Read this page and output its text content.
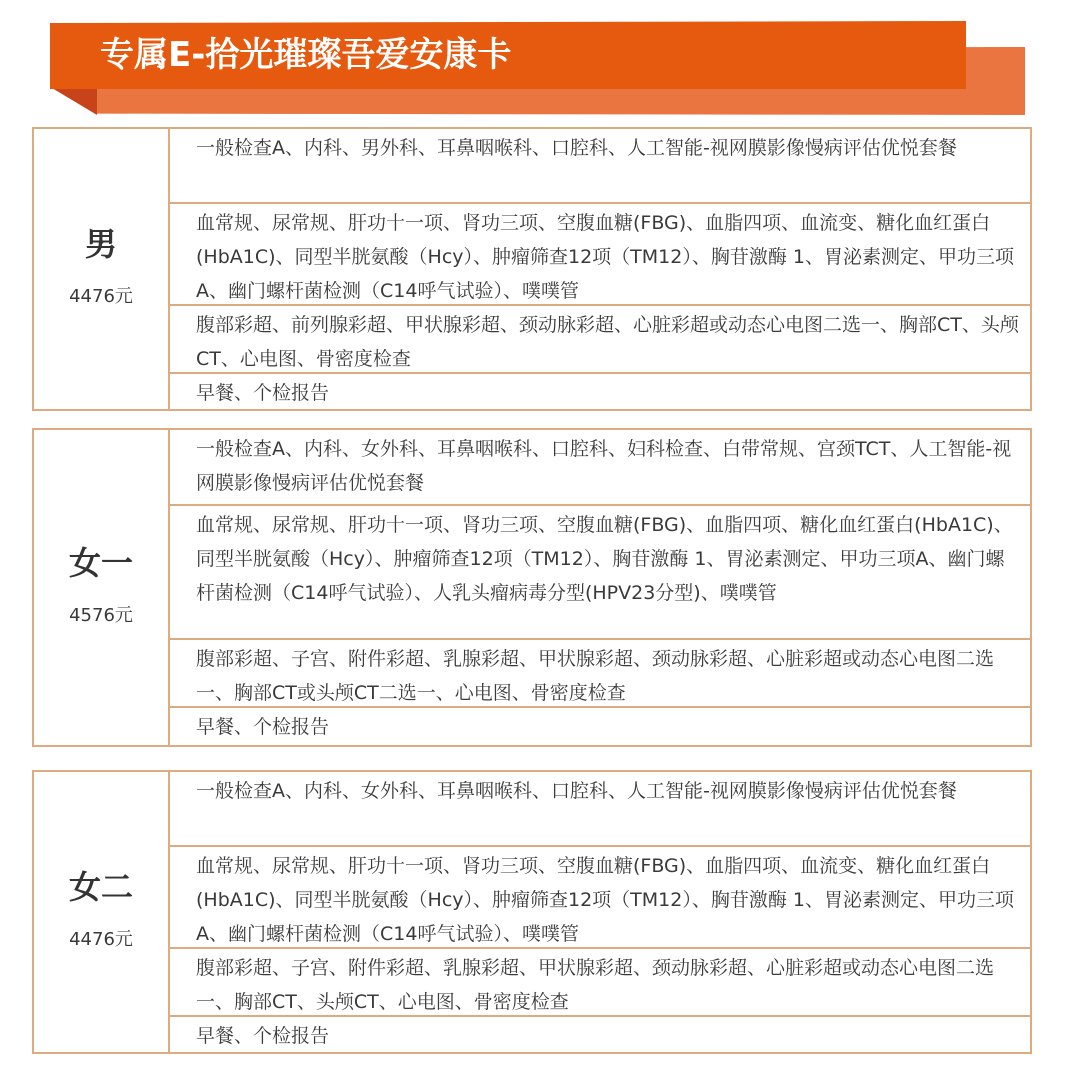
专属E-拾光璀璨吾爱安康卡
男
4476元
一般检查A、内科、男外科、耳鼻咽喉科、口腔科、人工智能-视网膜影像慢病评估优悦套餐
血常规、尿常规、肝功十一项、肾功三项、空腹血糖(FBG)、血脂四项、血流变、糖化血红蛋白(HbA1C)、同型半胱氨酸（Hcy）、肿瘤筛查12项（TM12）、胸苷激酶 1、胃泌素测定、甲功三项A、幽门螺杆菌检测（C14呼气试验）、噗噗管
腹部彩超、前列腺彩超、甲状腺彩超、颈动脉彩超、心脏彩超或动态心电图二选一、胸部CT、头颅CT、心电图、骨密度检查
早餐、个检报告
女一
4576元
一般检查A、内科、女外科、耳鼻咽喉科、口腔科、妇科检查、白带常规、宫颈TCT、人工智能-视网膜影像慢病评估优悦套餐
血常规、尿常规、肝功十一项、肾功三项、空腹血糖(FBG)、血脂四项、糖化血红蛋白(HbA1C)、同型半胱氨酸（Hcy）、肿瘤筛查12项（TM12）、胸苷激酶 1、胃泌素测定、甲功三项A、幽门螺杆菌检测（C14呼气试验）、人乳头瘤病毒分型(HPV23分型)、噗噗管
腹部彩超、子宫、附件彩超、乳腺彩超、甲状腺彩超、颈动脉彩超、心脏彩超或动态心电图二选一、胸部CT或头颅CT二选一、心电图、骨密度检查
早餐、个检报告
女二
4476元
一般检查A、内科、女外科、耳鼻咽喉科、口腔科、人工智能-视网膜影像慢病评估优悦套餐
血常规、尿常规、肝功十一项、肾功三项、空腹血糖(FBG)、血脂四项、血流变、糖化血红蛋白(HbA1C)、同型半胱氨酸（Hcy）、肿瘤筛查12项（TM12）、胸苷激酶 1、胃泌素测定、甲功三项A、幽门螺杆菌检测（C14呼气试验）、噗噗管
腹部彩超、子宫、附件彩超、乳腺彩超、甲状腺彩超、颈动脉彩超、心脏彩超或动态心电图二选一、胸部CT、头颅CT、心电图、骨密度检查
早餐、个检报告
